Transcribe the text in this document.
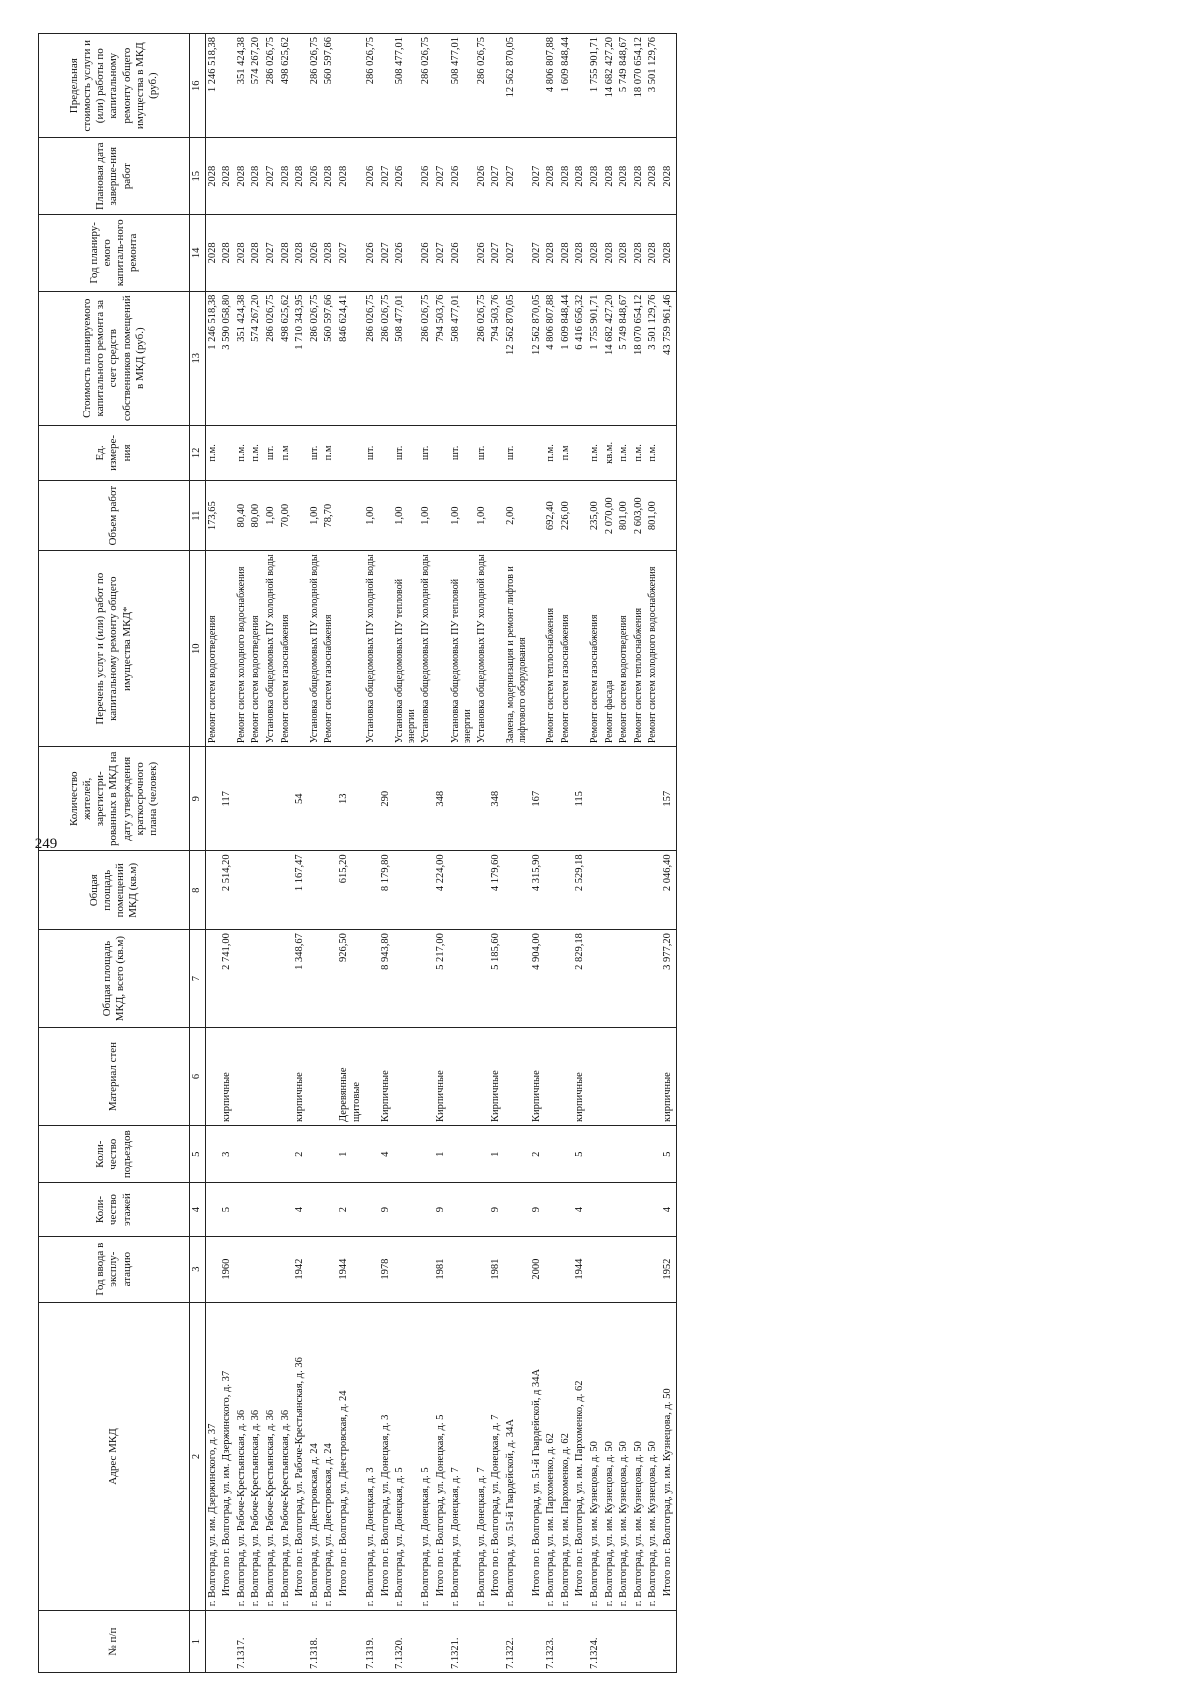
249
№ п/п	Адрес МКД	Год ввода в эксплу-атацию	Коли-чество этажей	Коли-чество подъездов	Материал стен	Общая площадь МКД, всего (кв.м)	Общая площадь помещений МКД (кв.м)	Количество жителей, зарегистри-рованных в МКД на дату утверждения краткосрочного плана (человек)	Перечень услуг и (или) работ по капитальному ремонту общего имущества МКД*	Объем работ	Ед. измере-ния	Стоимость планируемого капитального ремонта за счет средств собственников помещений в МКД (руб.)	Год планиру-емого капиталь-ного ремонта	Плановая дата заверше-ния работ	Предельная стоимость услуги и (или) работы по капитальному ремонту общего имущества в МКД (руб.)
1	2	3	4	5	6	7	8	9	10	11	12	13	14	15	16
	г. Волгоград, ул. им. Дзержинского, д. 37								Ремонт систем водоотведения	173,65	п.м.	1 246 518,38	2028	2028	1 246 518,38
	Итого по г. Волгоград, ул. им. Дзержинского, д. 37	1960	5	3	кирпичные	2 741,00	2 514,20	117				3 590 058,80	2028	2028	
7.1317.	г. Волгоград, ул. Рабоче-Крестьянская, д. 36								Ремонт систем холодного водоснабжения	80,40	п.м.	351 424,38	2028	2028	351 424,38
	г. Волгоград, ул. Рабоче-Крестьянская, д. 36								Ремонт систем водоотведения	80,00	п.м.	574 267,20	2028	2028	574 267,20
	г. Волгоград, ул. Рабоче-Крестьянская, д. 36								Установка общедомовых ПУ холодной воды	1,00	шт.	286 026,75	2027	2027	286 026,75
	г. Волгоград, ул. Рабоче-Крестьянская, д. 36								Ремонт систем газоснабжения	70,00	п.м	498 625,62	2028	2028	498 625,62
	Итого по г. Волгоград, ул. Рабоче-Крестьянская, д. 36	1942	4	2	кирпичные	1 348,67	1 167,47	54				1 710 343,95	2028	2028	
7.1318.	г. Волгоград, ул. Днестровская, д. 24								Установка общедомовых ПУ холодной воды	1,00	шт.	286 026,75	2026	2026	286 026,75
	г. Волгоград, ул. Днестровская, д. 24								Ремонт систем газоснабжения	78,70	п.м	560 597,66	2028	2028	560 597,66
	Итого по г. Волгоград, ул. Днестровская, д. 24	1944	2	1	Деревянные щитовые	926,50	615,20	13				846 624,41	2027	2028	
7.1319.	г. Волгоград, ул. Донецкая, д. 3								Установка общедомовых ПУ холодной воды	1,00	шт.	286 026,75	2026	2026	286 026,75
	Итого по г. Волгоград, ул. Донецкая, д. 3	1978	9	4	Кирпичные	8 943,80	8 179,80	290				286 026,75	2027	2027	
7.1320.	г. Волгоград, ул. Донецкая, д. 5								Установка общедомовых ПУ тепловой энергии	1,00	шт.	508 477,01	2026	2026	508 477,01
	г. Волгоград, ул. Донецкая, д. 5								Установка общедомовых ПУ холодной воды	1,00	шт.	286 026,75	2026	2026	286 026,75
	Итого по г. Волгоград, ул. Донецкая, д. 5	1981	9	1	Кирпичные	5 217,00	4 224,00	348				794 503,76	2027	2027	
7.1321.	г. Волгоград, ул. Донецкая, д. 7								Установка общедомовых ПУ тепловой энергии	1,00	шт.	508 477,01	2026	2026	508 477,01
	г. Волгоград, ул. Донецкая, д. 7								Установка общедомовых ПУ холодной воды	1,00	шт.	286 026,75	2026	2026	286 026,75
	Итого по г. Волгоград, ул. Донецкая, д. 7	1981	9	1	Кирпичные	5 185,60	4 179,60	348				794 503,76	2027	2027	
7.1322.	г. Волгоград, ул. 51-й Гвардейской, д. 34А								Замена, модернизация и ремонт лифтов и лифтового оборудования	2,00	шт.	12 562 870,05	2027	2027	12 562 870,05
	Итого по г. Волгоград, ул. 51-й Гвардейской, д 34А	2000	9	2	Кирпичные	4 904,00	4 315,90	167				12 562 870,05	2027	2027	
7.1323.	г. Волгоград, ул. им. Пархоменко, д. 62								Ремонт систем теплоснабжения	692,40	п.м.	4 806 807,88	2028	2028	4 806 807,88
	г. Волгоград, ул. им. Пархоменко, д. 62								Ремонт систем газоснабжения	226,00	п.м	1 609 848,44	2028	2028	1 609 848,44
	Итого по г. Волгоград, ул. им. Пархоменко, д. 62	1944	4	5	кирпичные	2 829,18	2 529,18	115				6 416 656,32	2028	2028	
7.1324.	г. Волгоград, ул. им. Кузнецова, д. 50								Ремонт систем газоснабжения	235,00	п.м.	1 755 901,71	2028	2028	1 755 901,71
	г. Волгоград, ул. им. Кузнецова, д. 50								Ремонт фасада	2 070,00	кв.м.	14 682 427,20	2028	2028	14 682 427,20
	г. Волгоград, ул. им. Кузнецова, д. 50								Ремонт систем водоотведения	801,00	п.м.	5 749 848,67	2028	2028	5 749 848,67
	г. Волгоград, ул. им. Кузнецова, д. 50								Ремонт систем теплоснабжения	2 603,00	п.м.	18 070 654,12	2028	2028	18 070 654,12
	г. Волгоград, ул. им. Кузнецова, д. 50								Ремонт систем холодного водоснабжения	801,00	п.м.	3 501 129,76	2028	2028	3 501 129,76
	Итого по г. Волгоград, ул. им. Кузнецова, д. 50	1952	4	5	кирпичные	3 977,20	2 046,40	157				43 759 961,46	2028	2028	
